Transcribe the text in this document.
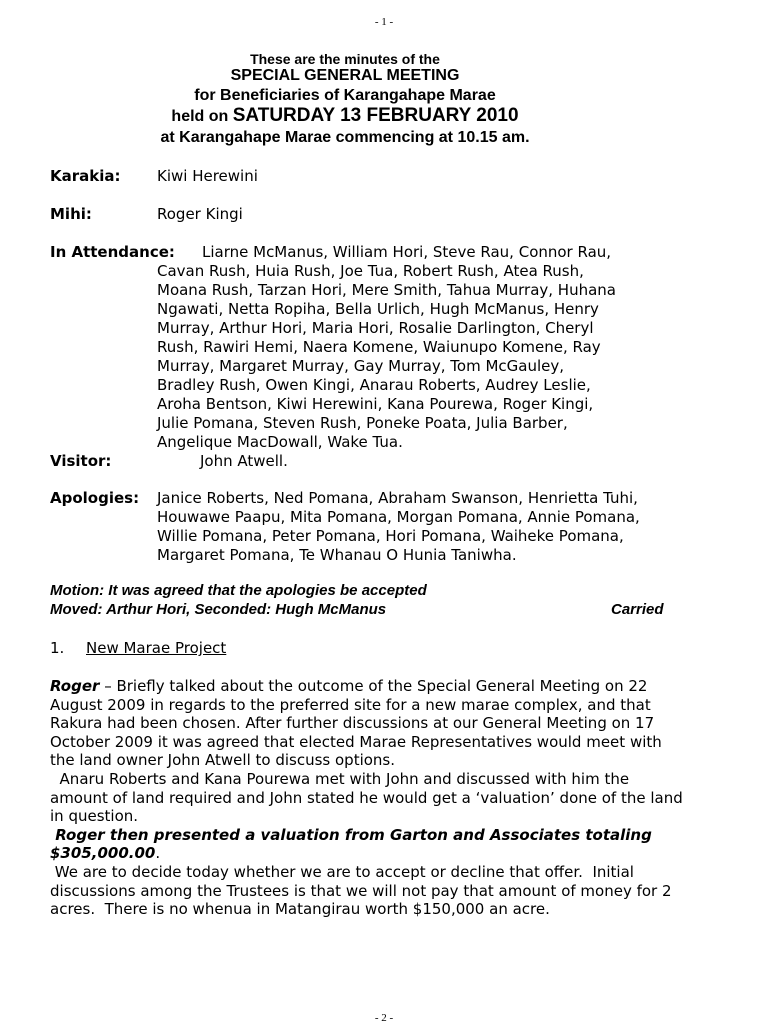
- 1 -
These are the minutes of the
SPECIAL GENERAL MEETING
for Beneficiaries of Karangahape Marae
held on SATURDAY 13 FEBRUARY 2010
at Karangahape Marae commencing at 10.15 am.
Karakia: Kiwi Herewini
Mihi:	Roger Kingi
In Attendance: Liarne McManus, William Hori, Steve Rau, Connor Rau,
Cavan Rush, Huia Rush, Joe Tua, Robert Rush, Atea Rush,
Moana Rush, Tarzan Hori, Mere Smith, Tahua Murray, Huhana
Ngawati, Netta Ropiha, Bella Urlich, Hugh McManus, Henry
Murray, Arthur Hori, Maria Hori, Rosalie Darlington, Cheryl
Rush, Rawiri Hemi, Naera Komene, Waiunupo Komene, Ray
Murray, Margaret Murray, Gay Murray, Tom McGauley,
Bradley Rush, Owen Kingi, Anarau Roberts, Audrey Leslie,
Aroha Bentson, Kiwi Herewini, Kana Pourewa, Roger Kingi,
Julie Pomana, Steven Rush, Poneke Poata, Julia Barber,
Angelique MacDowall, Wake Tua.
Visitor:	John Atwell.
Apologies: Janice Roberts, Ned Pomana, Abraham Swanson, Henrietta Tuhi,
Houwawe Paapu, Mita Pomana, Morgan Pomana, Annie Pomana,
Willie Pomana, Peter Pomana, Hori Pomana, Waiheke Pomana,
Margaret Pomana, Te Whanau O Hunia Taniwha.
Motion: It was agreed that the apologies be accepted
Moved: Arthur Hori, Seconded: Hugh McManus	Carried
1. New Marae Project
Roger – Briefly talked about the outcome of the Special General Meeting on 22 August 2009 in regards to the preferred site for a new marae complex, and that Rakura had been chosen. After further discussions at our General Meeting on 17 October 2009 it was agreed that elected Marae Representatives would meet with the land owner John Atwell to discuss options.
Anaru Roberts and Kana Pourewa met with John and discussed with him the amount of land required and John stated he would get a ‘valuation’ done of the land in question.
Roger then presented a valuation from Garton and Associates totaling $305,000.00.
We are to decide today whether we are to accept or decline that offer.  Initial discussions among the Trustees is that we will not pay that amount of money for 2 acres.  There is no whenua in Matangirau worth $150,000 an acre.
- 2 -
